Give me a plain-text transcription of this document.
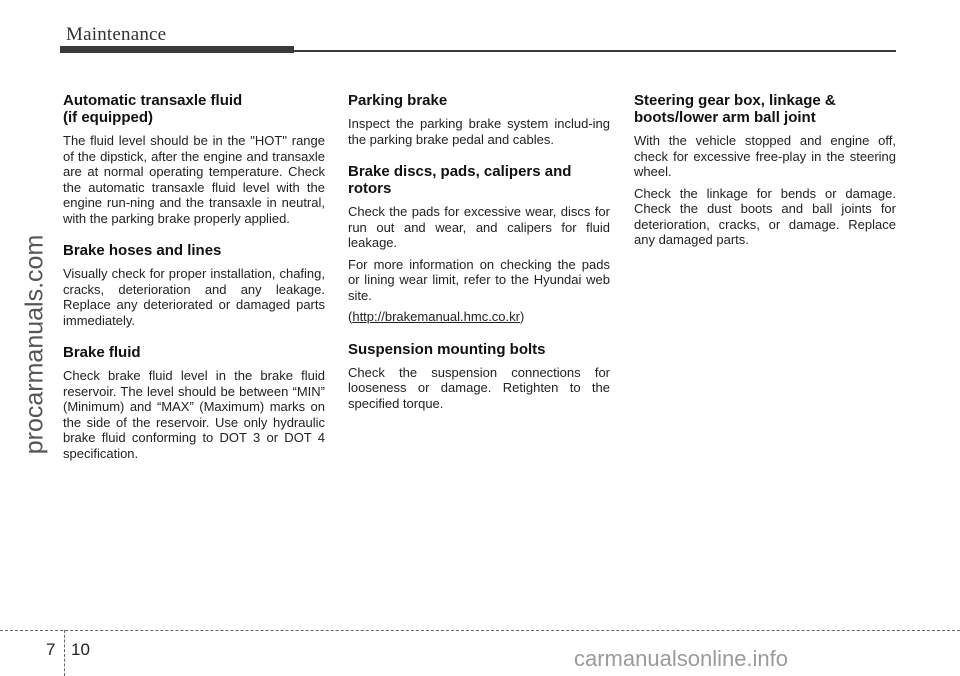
Maintenance
procarmanuals.com
Automatic transaxle fluid
(if equipped)

The fluid level should be in the "HOT" range of the dipstick, after the engine and transaxle are at normal operating temperature. Check the automatic transaxle fluid level with the engine run-ning and the transaxle in neutral, with the parking brake properly applied.

Brake hoses and lines

Visually check for proper installation, chafing, cracks, deterioration and any leakage. Replace any deteriorated or damaged parts immediately.

Brake fluid

Check brake fluid level in the brake fluid reservoir. The level should be between “MIN” (Minimum) and “MAX” (Maximum) marks on the side of the reservoir. Use only hydraulic brake fluid conforming to DOT 3 or DOT 4 specification.

Parking brake

Inspect the parking brake system includ-ing the parking brake pedal and cables.

Brake discs, pads, calipers and rotors

Check the pads for excessive wear, discs for run out and wear, and calipers for fluid leakage.

For more information on checking the pads or lining wear limit, refer to the Hyundai web site.

(http://brakemanual.hmc.co.kr)

Suspension mounting bolts

Check the suspension connections for looseness or damage. Retighten to the specified torque.

Steering gear box, linkage & boots/lower arm ball joint

With the vehicle stopped and engine off, check for excessive free-play in the steering wheel.

Check the linkage for bends or damage. Check the dust boots and ball joints for deterioration, cracks, or damage. Replace any damaged parts.

7 10	carmanualsonline.info
